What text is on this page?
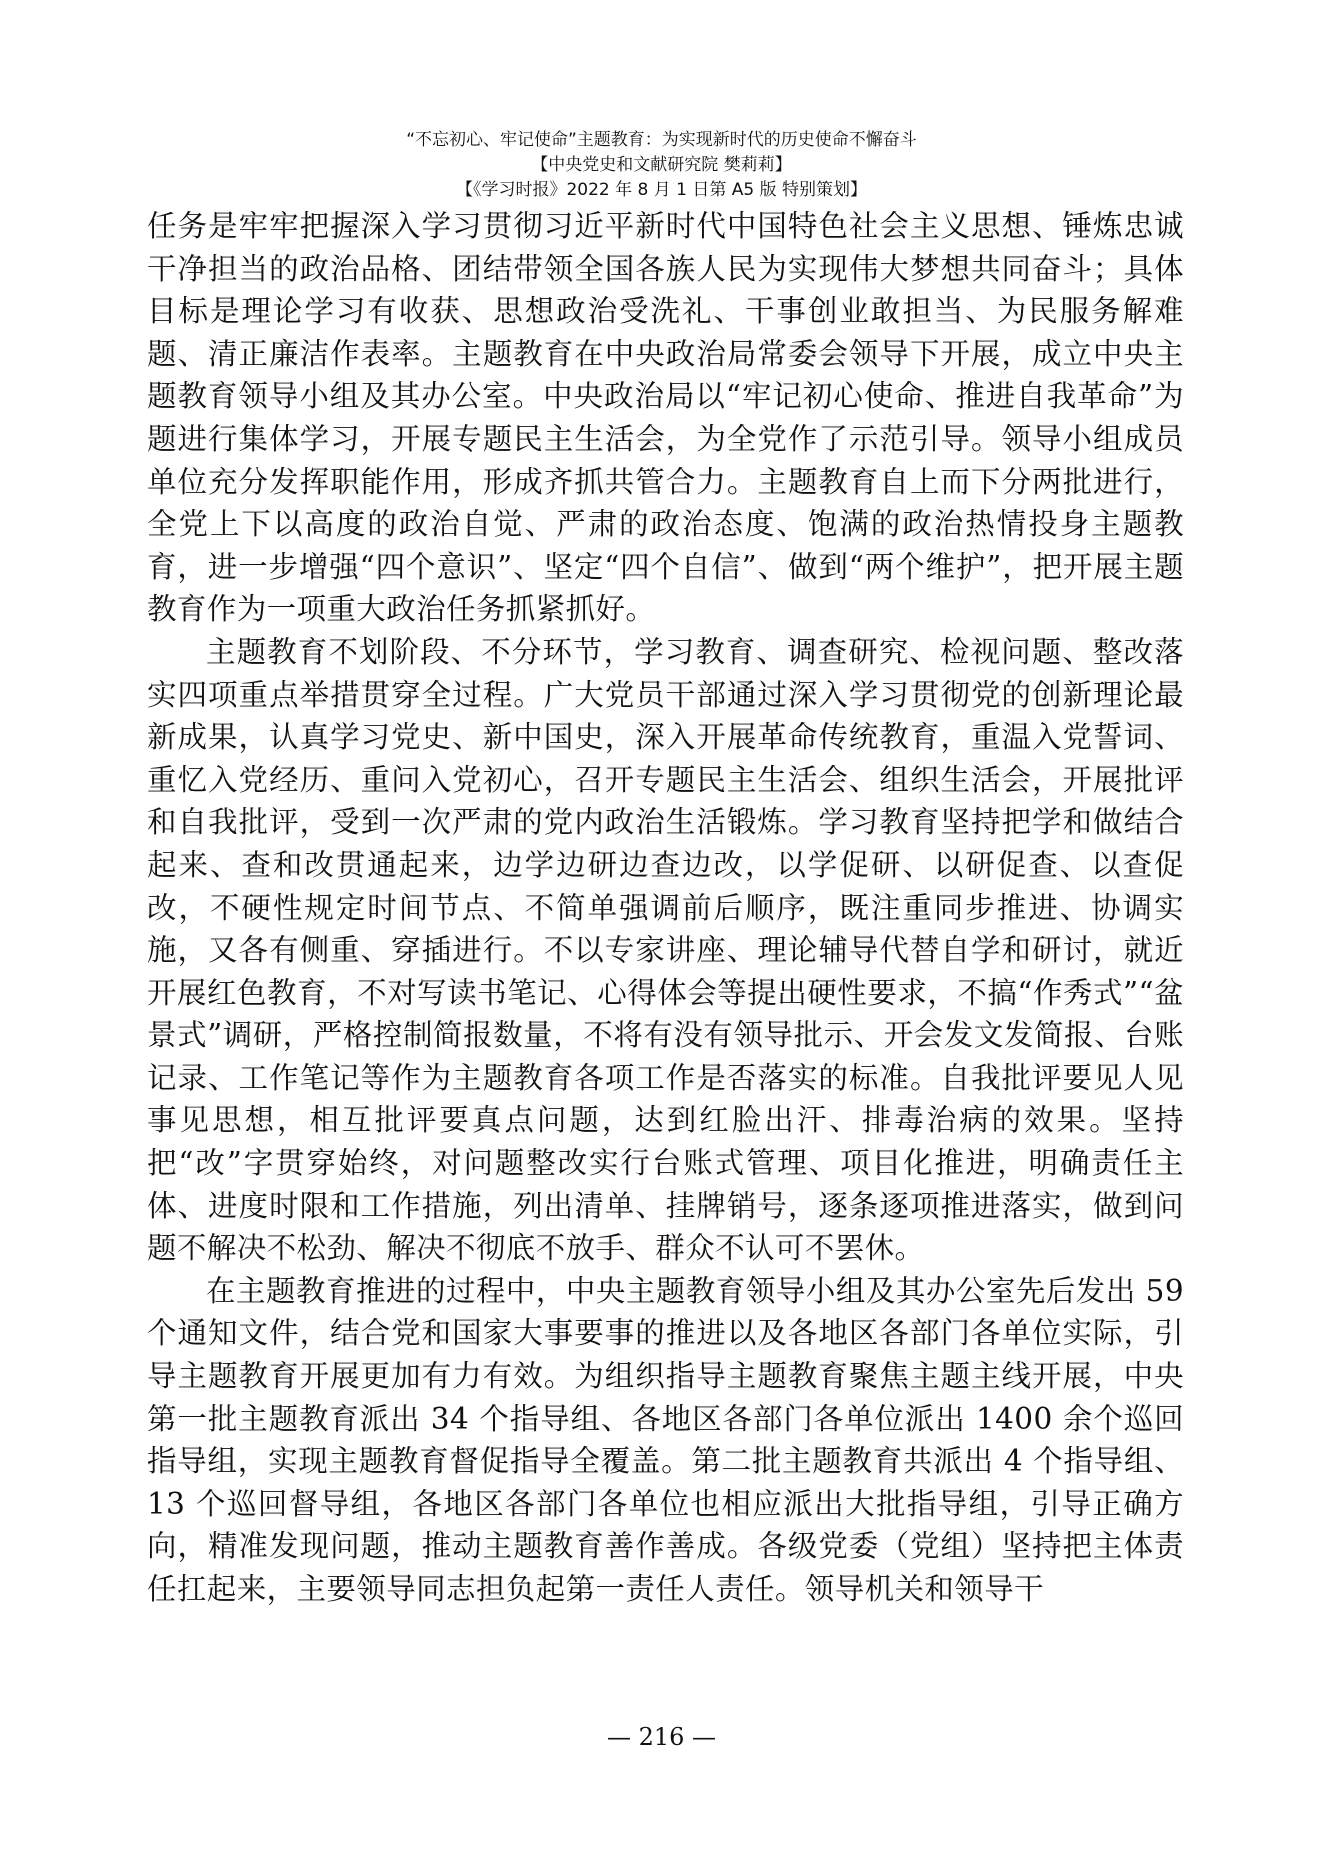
“不忘初心、牢记使命”主题教育：为实现新时代的历史使命不懈奋斗
【中央党史和文献研究院 樊莉莉】
【《学习时报》2022 年 8 月 1 日第 A5 版 特别策划】

任务是牢牢把握深入学习贯彻习近平新时代中国特色社会主义思想、锤炼忠诚干净担当的政治品格、团结带领全国各族人民为实现伟大梦想共同奋斗；具体目标是理论学习有收获、思想政治受洗礼、干事创业敢担当、为民服务解难题、清正廉洁作表率。主题教育在中央政治局常委会领导下开展，成立中央主题教育领导小组及其办公室。中央政治局以“牢记初心使命、推进自我革命”为题进行集体学习，开展专题民主生活会，为全党作了示范引导。领导小组成员单位充分发挥职能作用，形成齐抓共管合力。主题教育自上而下分两批进行，全党上下以高度的政治自觉、严肃的政治态度、饱满的政治热情投身主题教育，进一步增强“四个意识”、坚定“四个自信”、做到“两个维护”，把开展主题教育作为一项重大政治任务抓紧抓好。

主题教育不划阶段、不分环节，学习教育、调查研究、检视问题、整改落实四项重点举措贯穿全过程。广大党员干部通过深入学习贯彻党的创新理论最新成果，认真学习党史、新中国史，深入开展革命传统教育，重温入党誓词、重忆入党经历、重问入党初心，召开专题民主生活会、组织生活会，开展批评和自我批评，受到一次严肃的党内政治生活锻炼。学习教育坚持把学和做结合起来、查和改贯通起来，边学边研边查边改，以学促研、以研促查、以查促改，不硬性规定时间节点、不简单强调前后顺序，既注重同步推进、协调实施，又各有侧重、穿插进行。不以专家讲座、理论辅导代替自学和研讨，就近开展红色教育，不对写读书笔记、心得体会等提出硬性要求，不搞“作秀式”“盆景式”调研，严格控制简报数量，不将有没有领导批示、开会发文发简报、台账记录、工作笔记等作为主题教育各项工作是否落实的标准。自我批评要见人见事见思想，相互批评要真点问题，达到红脸出汗、排毒治病的效果。坚持把“改”字贯穿始终，对问题整改实行台账式管理、项目化推进，明确责任主体、进度时限和工作措施，列出清单、挂牌销号，逐条逐项推进落实，做到问题不解决不松劲、解决不彻底不放手、群众不认可不罢休。

在主题教育推进的过程中，中央主题教育领导小组及其办公室先后发出 59 个通知文件，结合党和国家大事要事的推进以及各地区各部门各单位实际，引导主题教育开展更加有力有效。为组织指导主题教育聚焦主题主线开展，中央第一批主题教育派出 34 个指导组、各地区各部门各单位派出 1400 余个巡回指导组，实现主题教育督促指导全覆盖。第二批主题教育共派出 4 个指导组、13 个巡回督导组，各地区各部门各单位也相应派出大批指导组，引导正确方向，精准发现问题，推动主题教育善作善成。各级党委（党组）坚持把主体责任扛起来，主要领导同志担负起第一责任人责任。领导机关和领导干

— 216 —
